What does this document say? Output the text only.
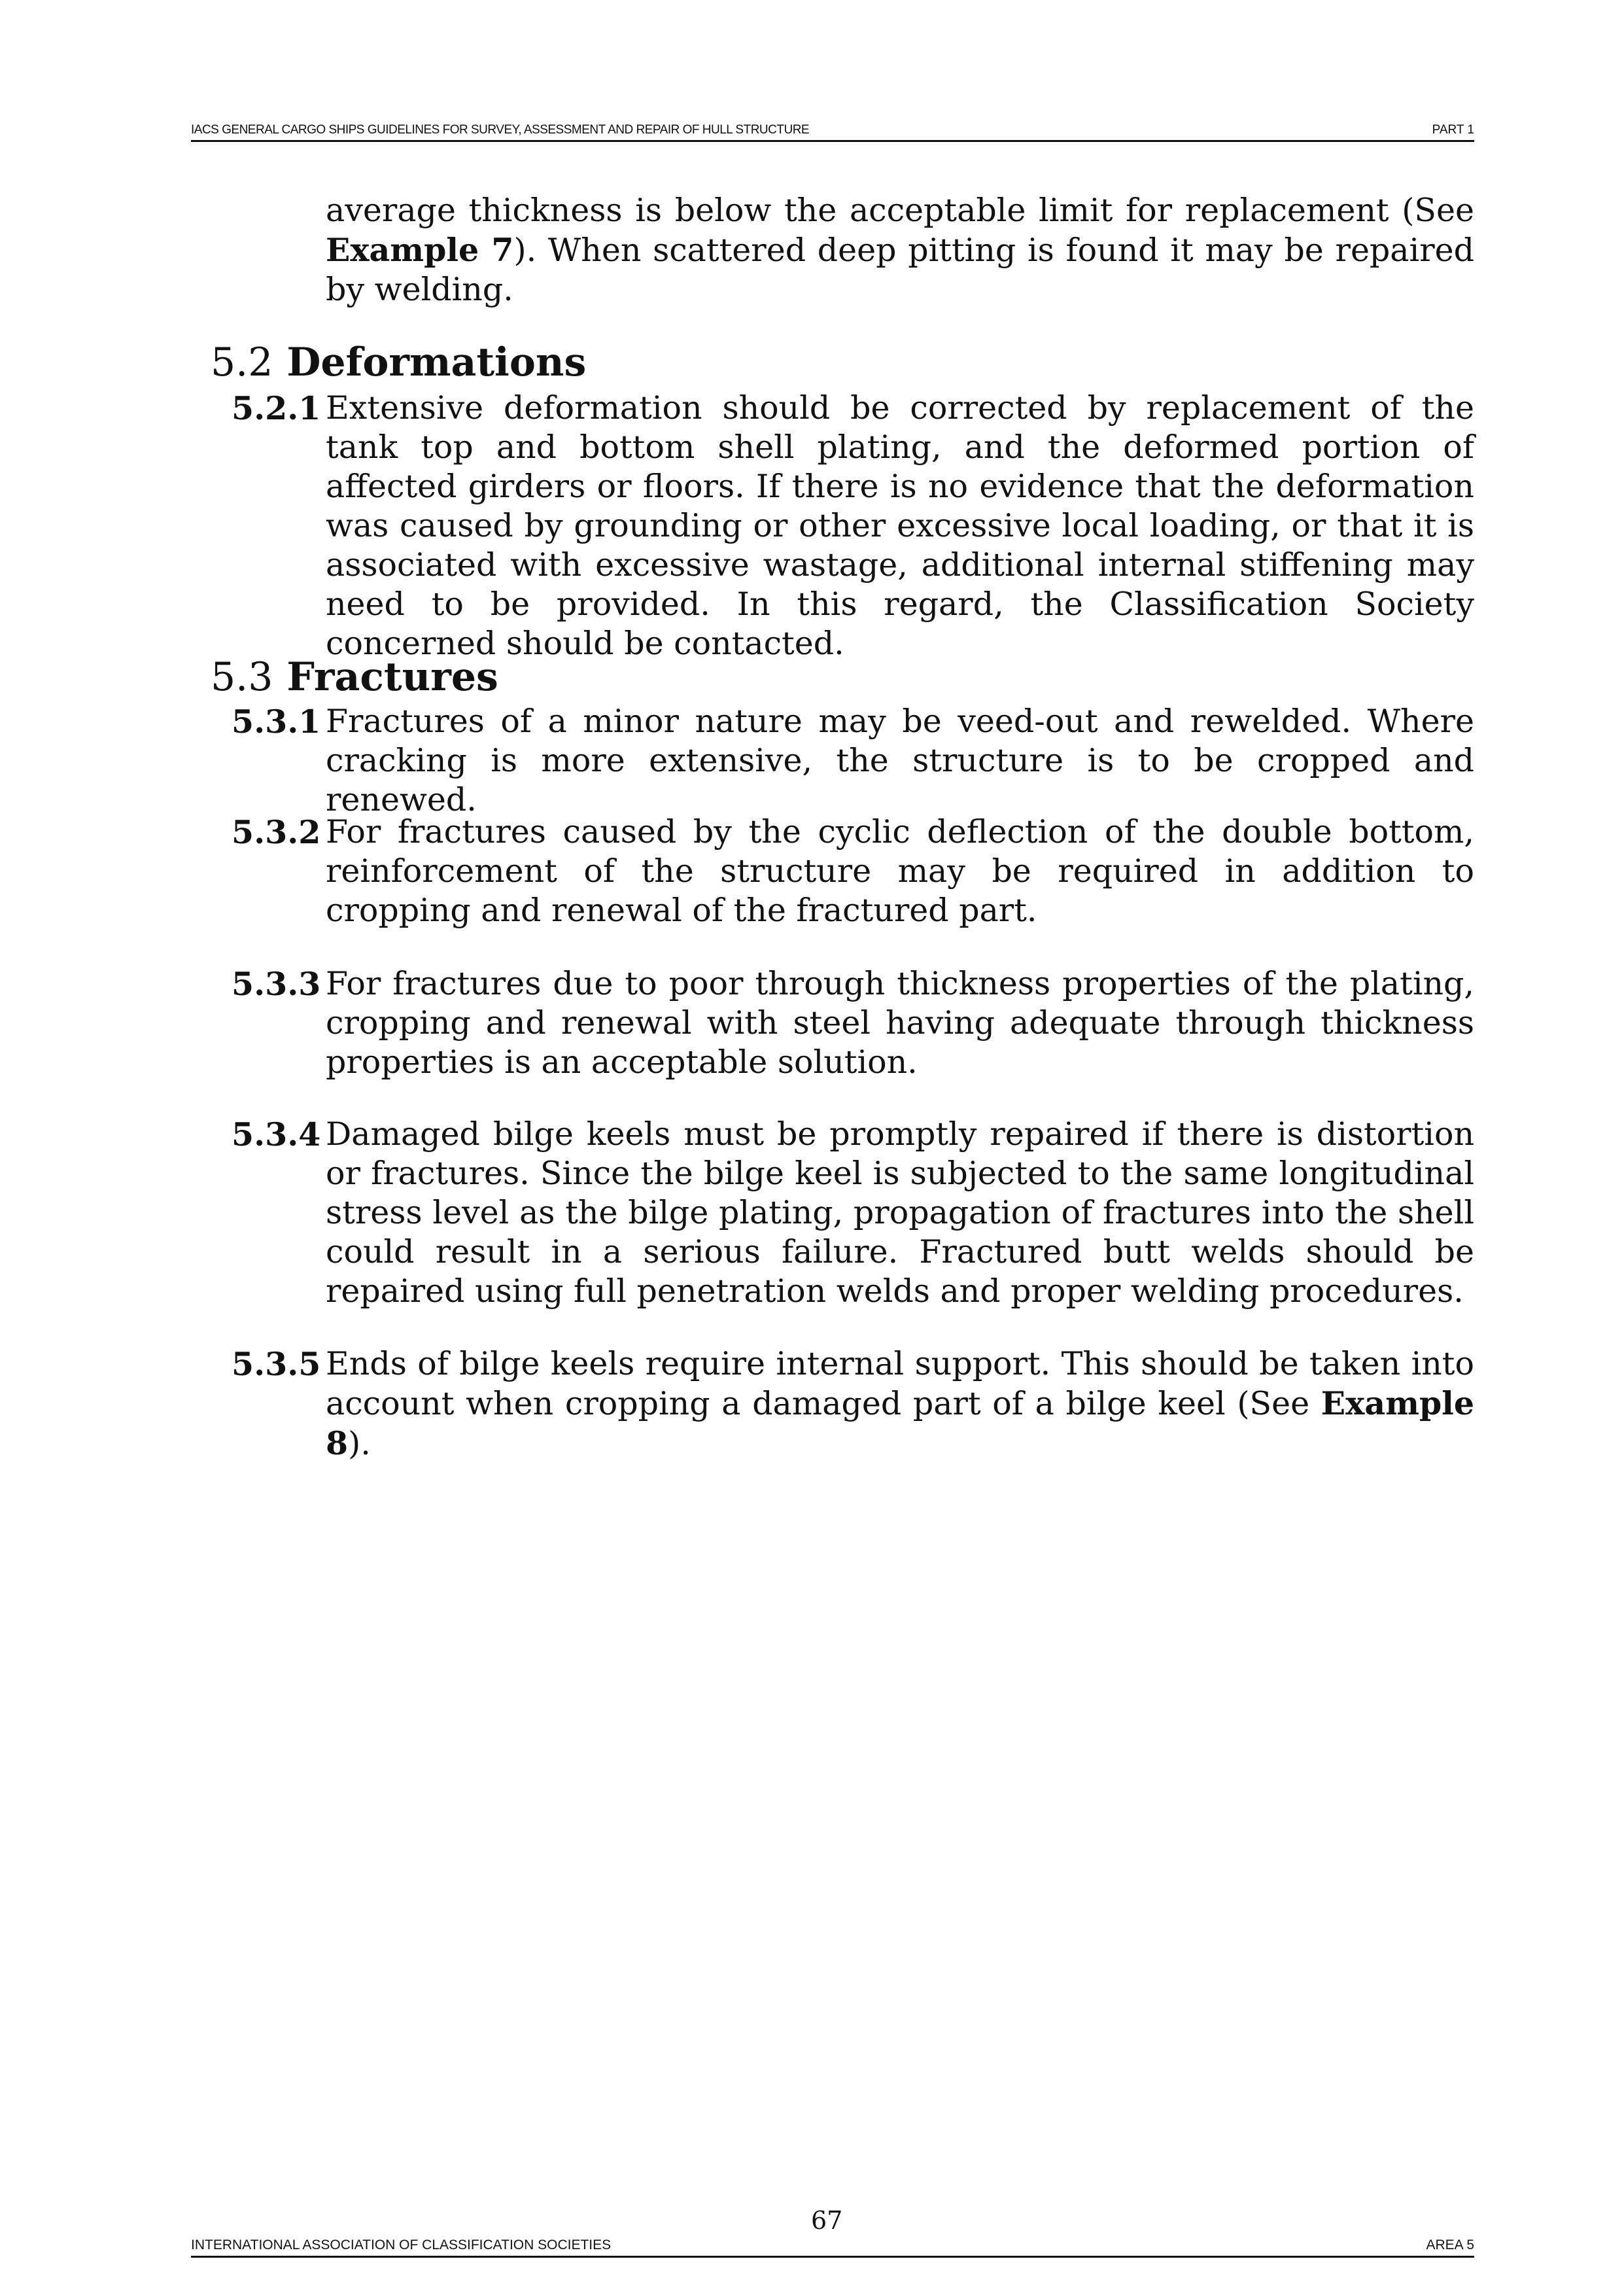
IACS GENERAL CARGO SHIPS GUIDELINES FOR SURVEY, ASSESSMENT AND REPAIR OF HULL STRUCTURE	PART 1

average thickness is below the acceptable limit for replacement (See Example 7). When scattered deep pitting is found it may be repaired by welding.

5.2 Deformations

5.2.1 Extensive deformation should be corrected by replacement of the tank top and bottom shell plating, and the deformed portion of affected girders or floors. If there is no evidence that the deformation was caused by grounding or other excessive local loading, or that it is associated with excessive wastage, additional internal stiffening may need to be provided. In this regard, the Classification Society concerned should be contacted.

5.3 Fractures

5.3.1 Fractures of a minor nature may be veed-out and rewelded. Where cracking is more extensive, the structure is to be cropped and renewed.

5.3.2 For fractures caused by the cyclic deflection of the double bottom, reinforcement of the structure may be required in addition to cropping and renewal of the fractured part.

5.3.3 For fractures due to poor through thickness properties of the plating, cropping and renewal with steel having adequate through thickness properties is an acceptable solution.

5.3.4 Damaged bilge keels must be promptly repaired if there is distortion or fractures. Since the bilge keel is subjected to the same longitudinal stress level as the bilge plating, propagation of fractures into the shell could result in a serious failure. Fractured butt welds should be repaired using full penetration welds and proper welding procedures.

5.3.5 Ends of bilge keels require internal support. This should be taken into account when cropping a damaged part of a bilge keel (See Example 8).

67
INTERNATIONAL ASSOCIATION OF CLASSIFICATION SOCIETIES	AREA 5
